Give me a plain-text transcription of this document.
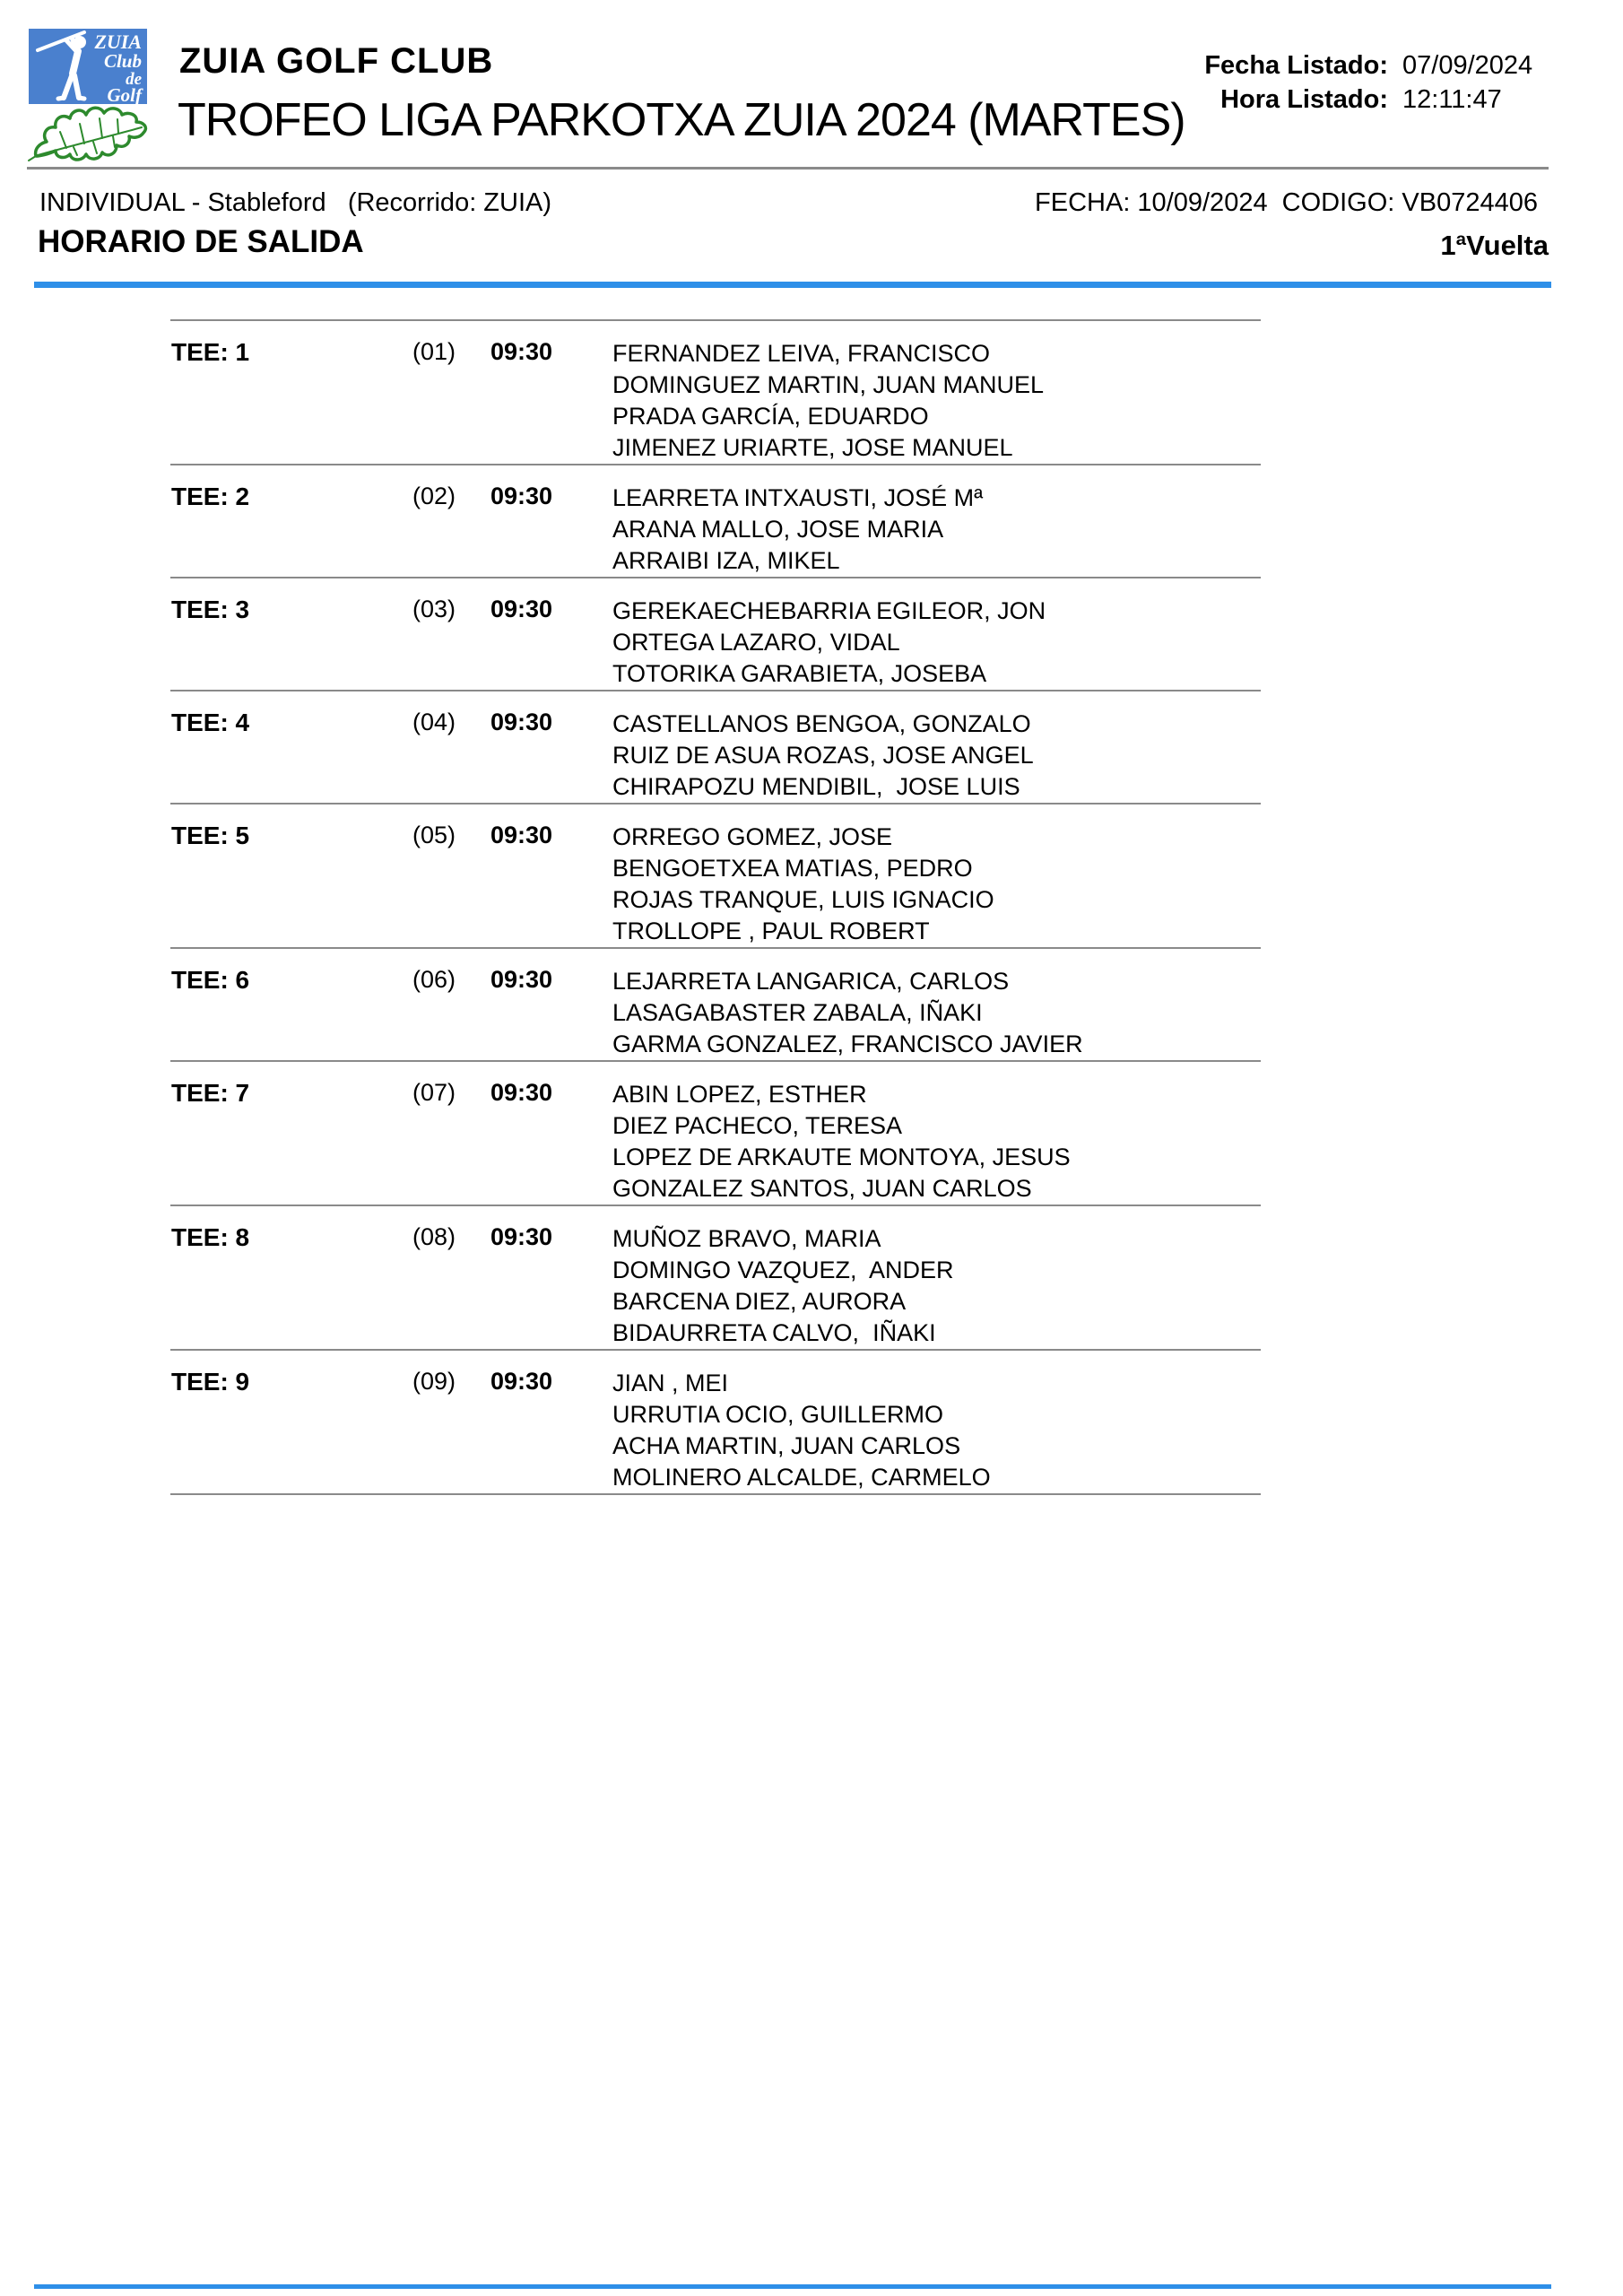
ZUIA
Club
de
Golf
ZUIA GOLF CLUB
TROFEO LIGA PARKOTXA ZUIA 2024 (MARTES)
Fecha Listado: 07/09/2024
Hora Listado: 12:11:47
INDIVIDUAL - Stableford   (Recorrido: ZUIA)	FECHA: 10/09/2024  CODIGO: VB0724406
HORARIO DE SALIDA	1ªVuelta
TEE: 1	(01) 09:30 FERNANDEZ LEIVA, FRANCISCO
DOMINGUEZ MARTIN, JUAN MANUEL
PRADA GARCÍA, EDUARDO
JIMENEZ URIARTE, JOSE MANUEL
TEE: 2	(02) 09:30 LEARRETA INTXAUSTI, JOSÉ Mª
ARANA MALLO, JOSE MARIA
ARRAIBI IZA, MIKEL
TEE: 3	(03) 09:30 GEREKAECHEBARRIA EGILEOR, JON
ORTEGA LAZARO, VIDAL
TOTORIKA GARABIETA, JOSEBA
TEE: 4	(04) 09:30 CASTELLANOS BENGOA, GONZALO
RUIZ DE ASUA ROZAS, JOSE ANGEL
CHIRAPOZU MENDIBIL,  JOSE LUIS
TEE: 5	(05) 09:30 ORREGO GOMEZ, JOSE
BENGOETXEA MATIAS, PEDRO
ROJAS TRANQUE, LUIS IGNACIO
TROLLOPE , PAUL ROBERT
TEE: 6	(06) 09:30 LEJARRETA LANGARICA, CARLOS
LASAGABASTER ZABALA, IÑAKI
GARMA GONZALEZ, FRANCISCO JAVIER
TEE: 7	(07) 09:30 ABIN LOPEZ, ESTHER
DIEZ PACHECO, TERESA
LOPEZ DE ARKAUTE MONTOYA, JESUS
GONZALEZ SANTOS, JUAN CARLOS
TEE: 8	(08) 09:30 MUÑOZ BRAVO, MARIA
DOMINGO VAZQUEZ,  ANDER
BARCENA DIEZ, AURORA
BIDAURRETA CALVO,  IÑAKI
TEE: 9	(09) 09:30 JIAN , MEI
URRUTIA OCIO, GUILLERMO
ACHA MARTIN, JUAN CARLOS
MOLINERO ALCALDE, CARMELO
